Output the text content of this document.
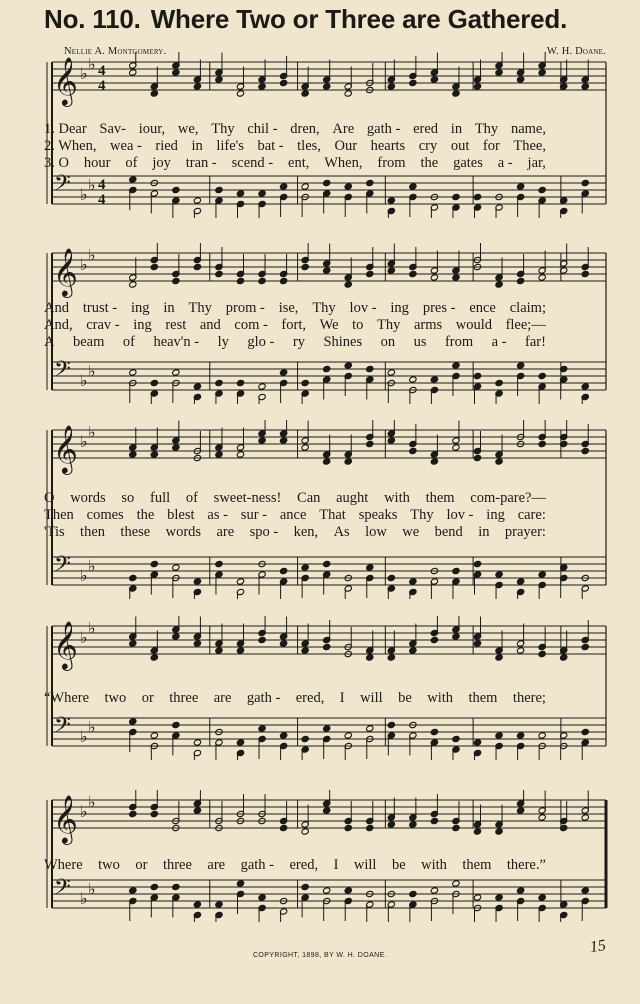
No. 110. Where Two or Three are Gathered.
Nellie A. Montgomery.	W. H. Doane.
𝄞 ♭ ♭ 4
4
𝄢 ♭ ♭ 4
4
1. Dear Sav- iour, we, Thy chil - dren, Are gath - ered in Thy name,
2. When, wea - ried in life's bat - tles, Our hearts cry out for Thee,
3. O hour of joy tran - scend - ent, When, from the gates a - jar,
𝄞 ♭ ♭
𝄢 ♭ ♭
And trust - ing in Thy prom - ise, Thy lov - ing pres - ence claim;
And, crav - ing rest and com - fort, We to Thy arms would flee;—
A beam of heav'n - ly glo - ry Shines on us from a - far!
𝄞 ♭ ♭
𝄢 ♭ ♭
O words so full of sweet-ness! Can aught with them com-pare?—
Then comes the blest as - sur - ance That speaks Thy lov - ing care:
'Tis then these words are spo - ken, As low we bend in prayer:
𝄞 ♭ ♭
𝄢 ♭ ♭
“Where two or three are gath - ered, I will be with them there;
𝄞 ♭ ♭
𝄢 ♭ ♭
Where two or three are gath - ered, I will be with them there.”
COPYRIGHT, 1898, BY W. H. DOANE.	15
